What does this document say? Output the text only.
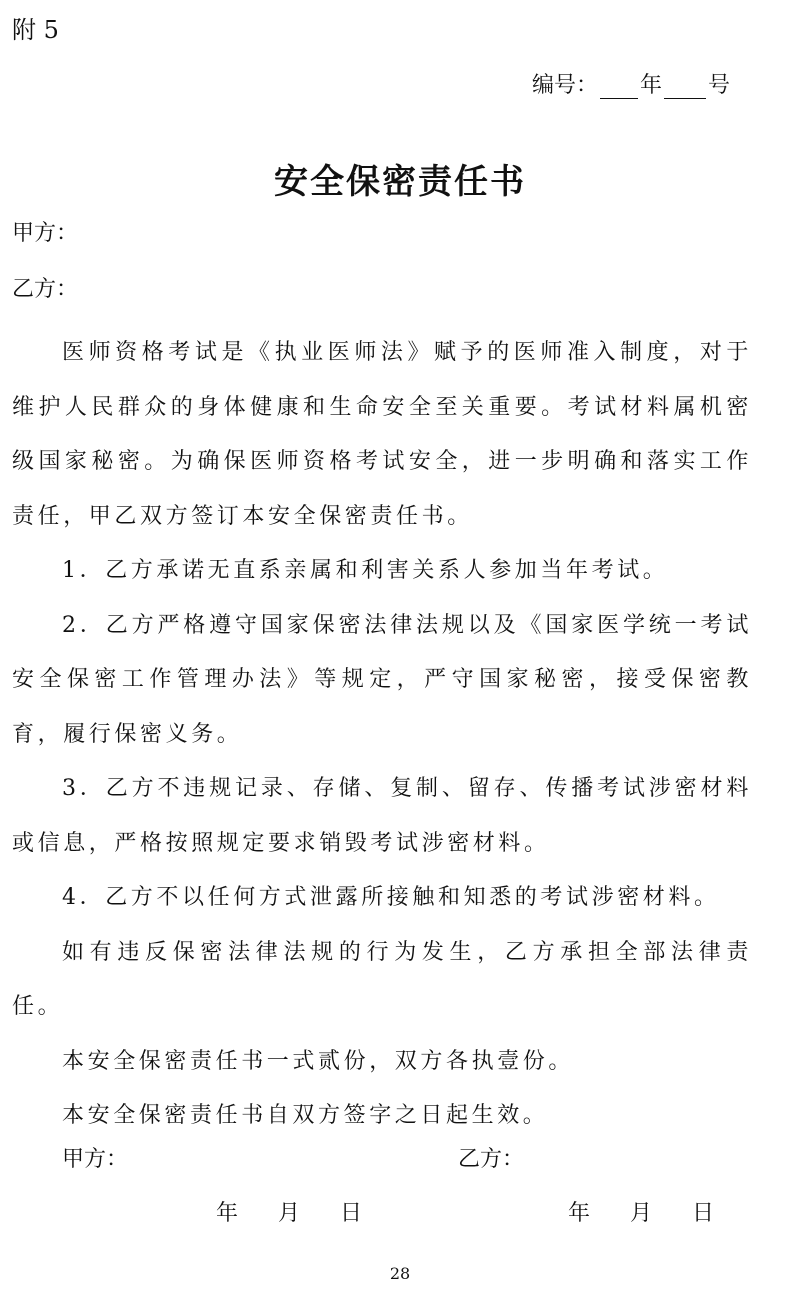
附 5
编号： 年 号
安全保密责任书
甲方：
乙方：

医师资格考试是《执业医师法》赋予的医师准入制度，对于维护人民群众的身体健康和生命安全至关重要。考试材料属机密级国家秘密。为确保医师资格考试安全，进一步明确和落实工作责任，甲乙双方签订本安全保密责任书。

1．乙方承诺无直系亲属和利害关系人参加当年考试。

2．乙方严格遵守国家保密法律法规以及《国家医学统一考试安全保密工作管理办法》等规定，严守国家秘密，接受保密教育，履行保密义务。

3．乙方不违规记录、存储、复制、留存、传播考试涉密材料或信息，严格按照规定要求销毁考试涉密材料。

4．乙方不以任何方式泄露所接触和知悉的考试涉密材料。

如有违反保密法律法规的行为发生，乙方承担全部法律责任。

本安全保密责任书一式贰份，双方各执壹份。

本安全保密责任书自双方签字之日起生效。

甲方：	乙方：
年 月 日	年 月 日
28
